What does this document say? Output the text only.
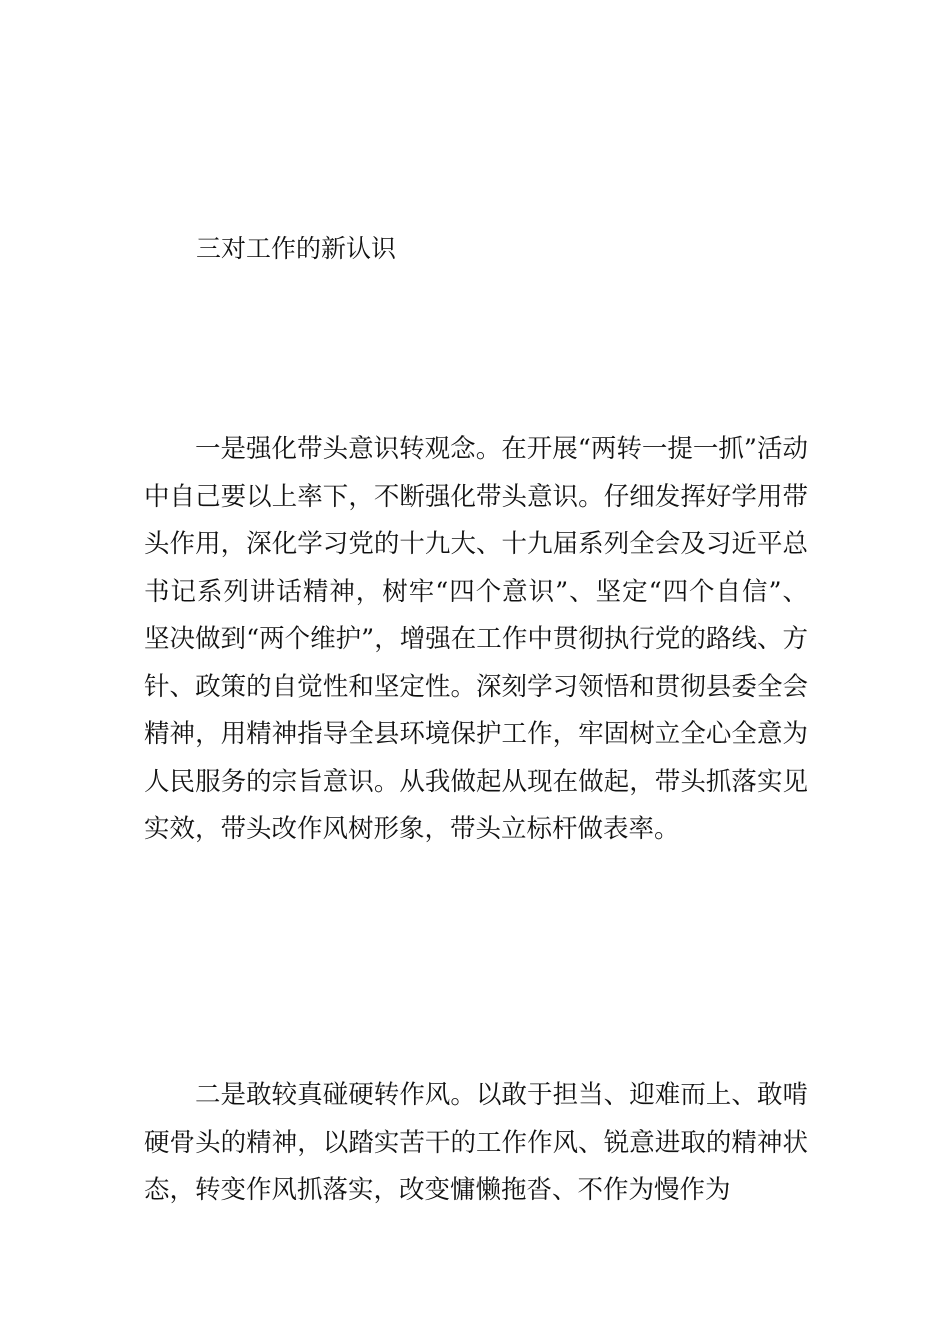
三对工作的新认识

一是强化带头意识转观念。在开展“两转一提一抓”活动中自己要以上率下，不断强化带头意识。仔细发挥好学用带头作用，深化学习党的十九大、十九届系列全会及习近平总书记系列讲话精神，树牢“四个意识”、坚定“四个自信”、坚决做到“两个维护”，增强在工作中贯彻执行党的路线、方针、政策的自觉性和坚定性。深刻学习领悟和贯彻县委全会精神，用精神指导全县环境保护工作，牢固树立全心全意为人民服务的宗旨意识。从我做起从现在做起，带头抓落实见实效，带头改作风树形象，带头立标杆做表率。

二是敢较真碰硬转作风。以敢于担当、迎难而上、敢啃硬骨头的精神，以踏实苦干的工作作风、锐意进取的精神状态，转变作风抓落实，改变慵懒拖沓、不作为慢作为
